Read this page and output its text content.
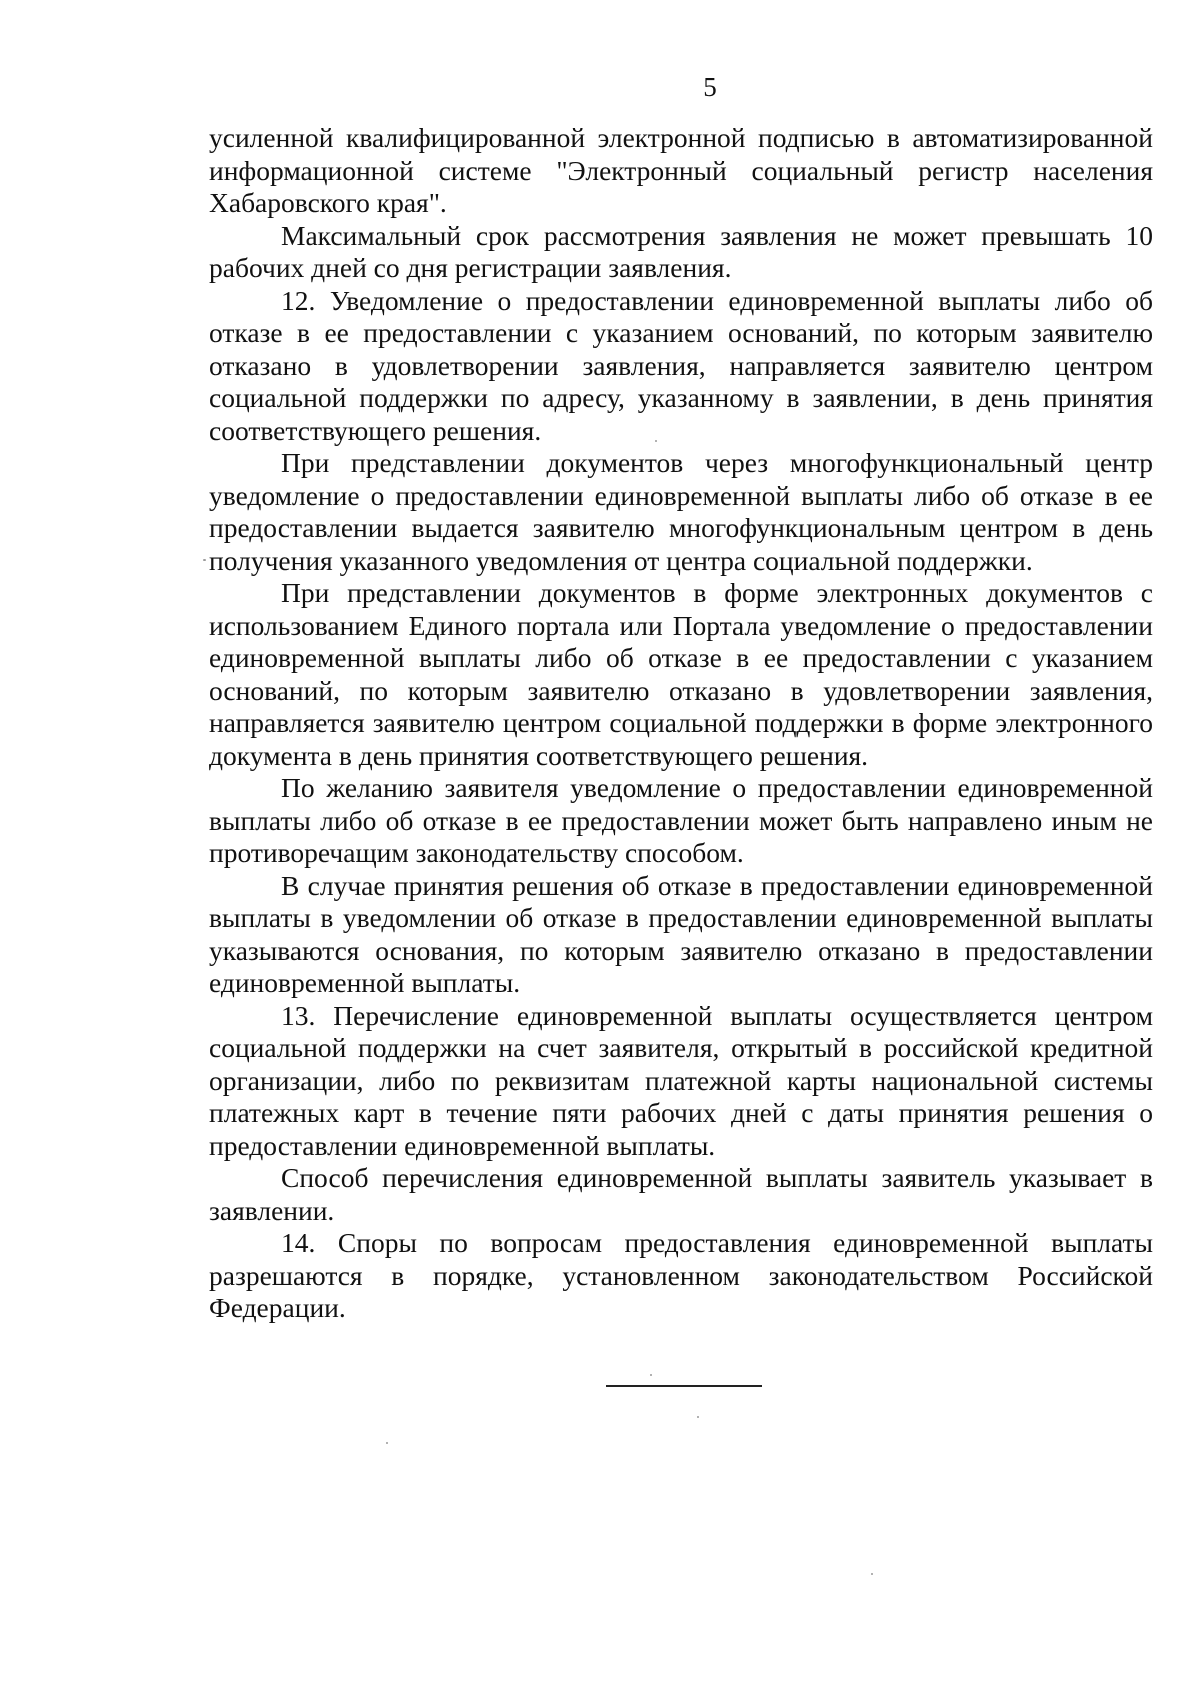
5

усиленной квалифицированной электронной подписью в автоматизированной информационной системе "Электронный социальный регистр населения Хабаровского края".

Максимальный срок рассмотрения заявления не может превышать 10 рабочих дней со дня регистрации заявления.

12. Уведомление о предоставлении единовременной выплаты либо об отказе в ее предоставлении с указанием оснований, по которым заявителю отказано в удовлетворении заявления, направляется заявителю центром социальной поддержки по адресу, указанному в заявлении, в день принятия соответствующего решения.

При представлении документов через многофункциональный центр уведомление о предоставлении единовременной выплаты либо об отказе в ее предоставлении выдается заявителю многофункциональным центром в день получения указанного уведомления от центра социальной поддержки.

При представлении документов в форме электронных документов с использованием Единого портала или Портала уведомление о предоставлении единовременной выплаты либо об отказе в ее предоставлении с указанием оснований, по которым заявителю отказано в удовлетворении заявления, направляется заявителю центром социальной поддержки в форме электронного документа в день принятия соответствующего решения.

По желанию заявителя уведомление о предоставлении единовременной выплаты либо об отказе в ее предоставлении может быть направлено иным не противоречащим законодательству способом.

В случае принятия решения об отказе в предоставлении единовременной выплаты в уведомлении об отказе в предоставлении единовременной выплаты указываются основания, по которым заявителю отказано в предоставлении единовременной выплаты.

13. Перечисление единовременной выплаты осуществляется центром социальной поддержки на счет заявителя, открытый в российской кредитной организации, либо по реквизитам платежной карты национальной системы платежных карт в течение пяти рабочих дней с даты принятия решения о предоставлении единовременной выплаты.

Способ перечисления единовременной выплаты заявитель указывает в заявлении.

14. Споры по вопросам предоставления единовременной выплаты разрешаются в порядке, установленном законодательством Российской Федерации.
